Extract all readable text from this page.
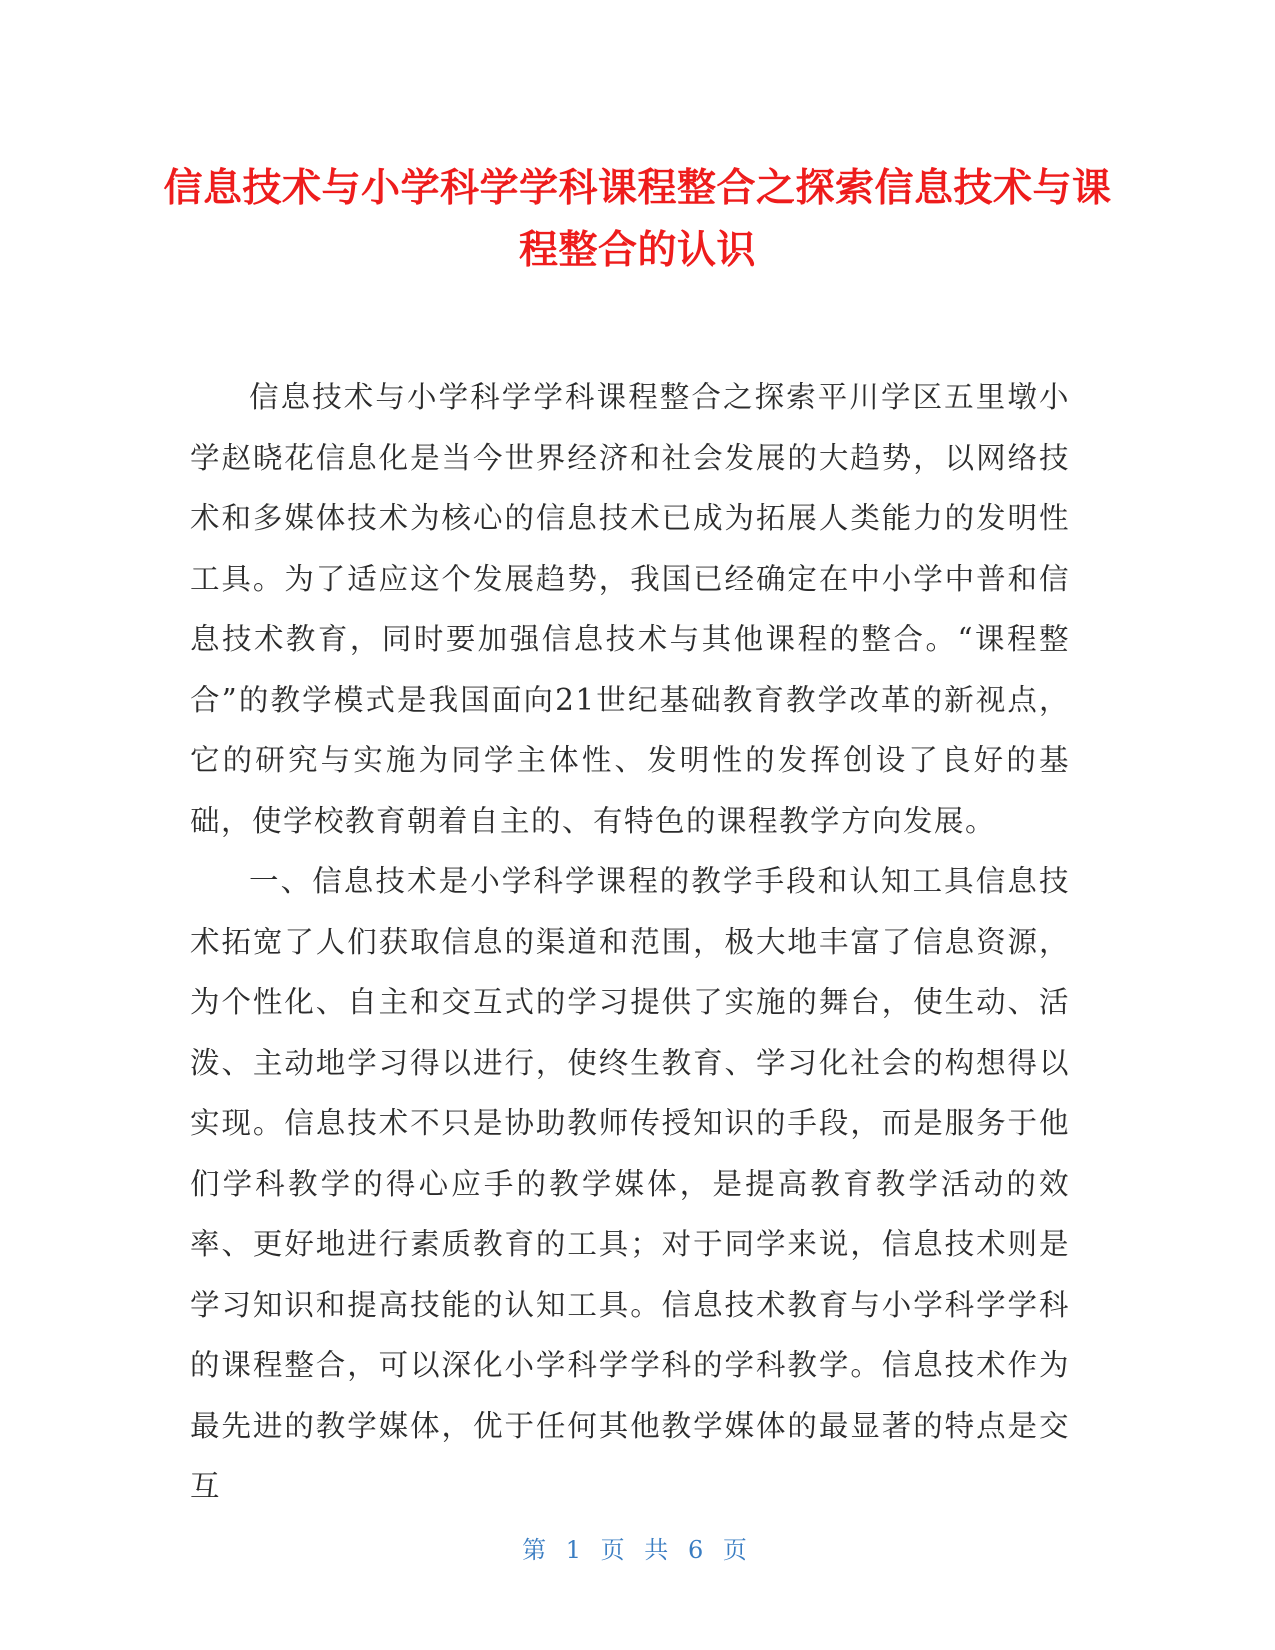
信息技术与小学科学学科课程整合之探索信息技术与课程整合的认识

信息技术与小学科学学科课程整合之探索平川学区五里墩小学赵晓花信息化是当今世界经济和社会发展的大趋势，以网络技术和多媒体技术为核心的信息技术已成为拓展人类能力的发明性工具。为了适应这个发展趋势，我国已经确定在中小学中普和信息技术教育，同时要加强信息技术与其他课程的整合。“课程整合”的教学模式是我国面向21世纪基础教育教学改革的新视点，它的研究与实施为同学主体性、发明性的发挥创设了良好的基础，使学校教育朝着自主的、有特色的课程教学方向发展。

一、信息技术是小学科学课程的教学手段和认知工具信息技术拓宽了人们获取信息的渠道和范围，极大地丰富了信息资源，为个性化、自主和交互式的学习提供了实施的舞台，使生动、活泼、主动地学习得以进行，使终生教育、学习化社会的构想得以实现。信息技术不只是协助教师传授知识的手段，而是服务于他们学科教学的得心应手的教学媒体，是提高教育教学活动的效率、更好地进行素质教育的工具；对于同学来说，信息技术则是学习知识和提高技能的认知工具。信息技术教育与小学科学学科的课程整合，可以深化小学科学学科的学科教学。信息技术作为最先进的教学媒体，优于任何其他教学媒体的最显著的特点是交互

第 1 页 共 6 页
